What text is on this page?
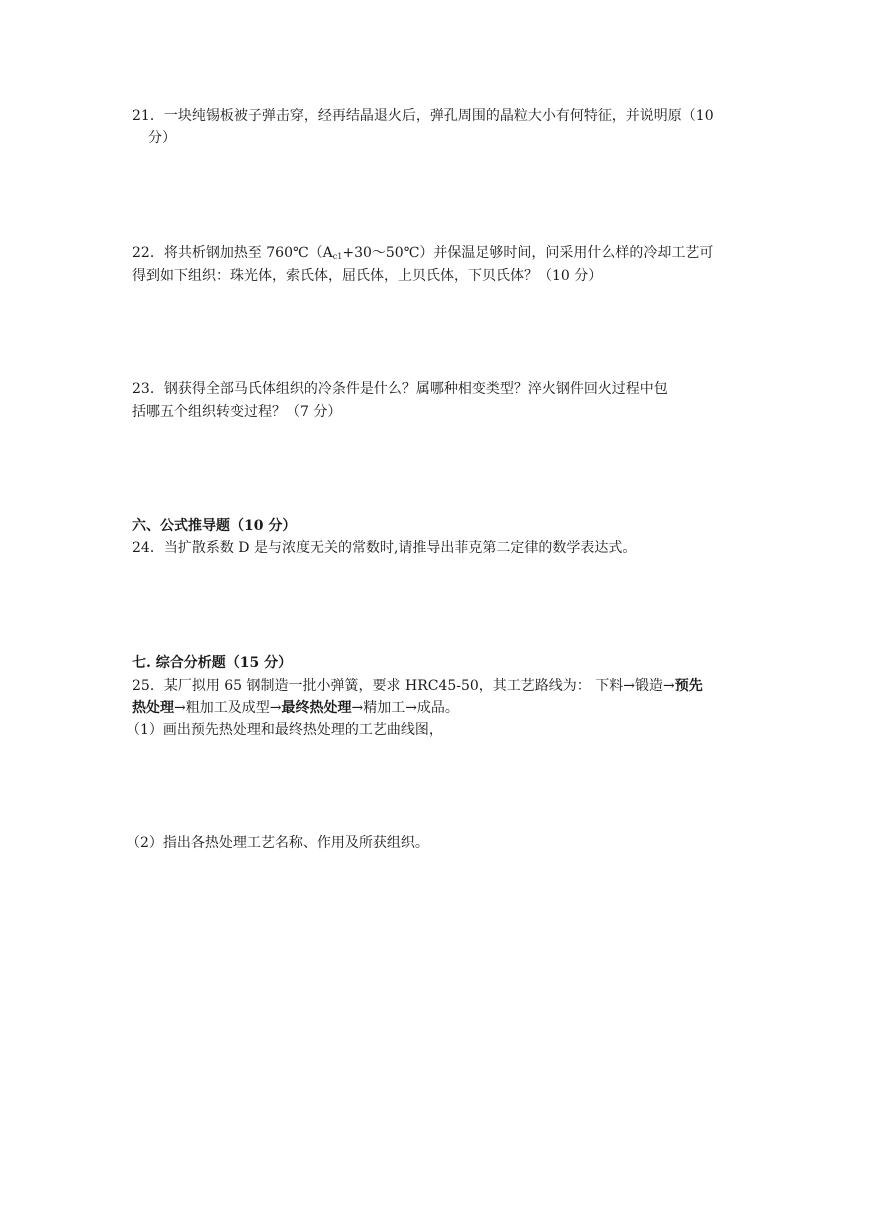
21．一块纯锡板被子弹击穿，经再结晶退火后，弹孔周围的晶粒大小有何特征，并说明原（10
分）
22．将共析钢加热至 $760℃(A_{c1}+30\sim 50℃)$并保温足够时间，问采用什么样的冷却工艺可
得到如下组织：珠光体，索氏体，屈氏体，上贝氏体，下贝氏体？（10 分）
23．钢获得全部马氏体组织的冷条件是什么？属哪种相变类型？淬火钢件回火过程中包
括哪五个组织转变过程？（7 分）
六、公式推导题（10 分）
24．当扩散系数 D 是与浓度无关的常数时,请推导出菲克第二定律的数学表达式。
七. 综合分析题（15 分）
25．某厂拟用 65 钢制造一批小弹簧，要求 HRC45-50，其工艺路线为： 下料→锻造→预先
热处理→粗加工及成型→最终热处理→精加工→成品。
（1）画出预先热处理和最终热处理的工艺曲线图，
（2）指出各热处理工艺名称、作用及所获组织。
